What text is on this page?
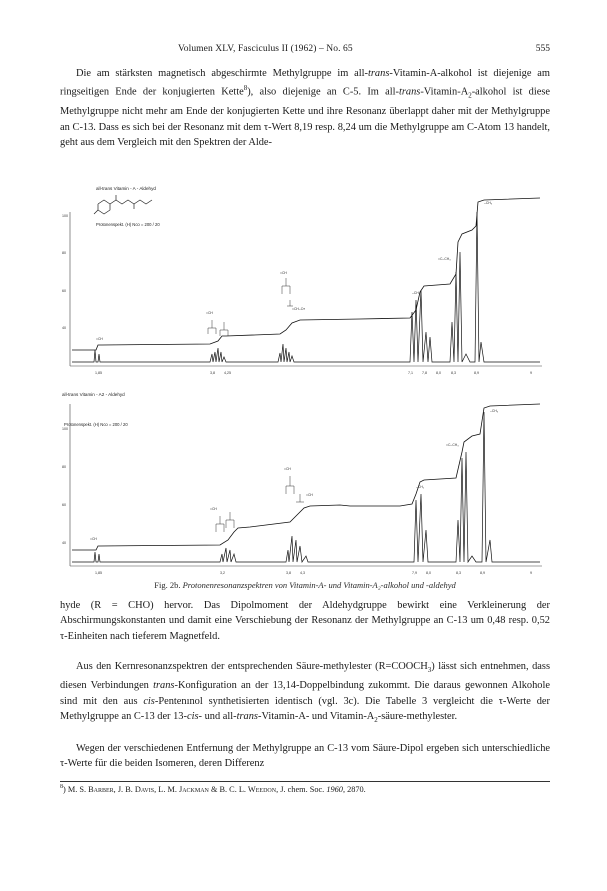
Volumen XLV, Fasciculus II (1962) – No. 65	555

Die am stärksten magnetisch abgeschirmte Methylgruppe im all-trans-Vitamin-A-alkohol ist diejenige am ringseitigen Ende der konjugierten Kette$^8$), also diejenige an C-5. Im all-$trans-Vitamin-A_2$-alkohol ist diese Methylgruppe nicht mehr am Ende der konjugierten Kette und ihre Resonanz überlappt daher mit der Methylgruppe an C-13. Dass es sich bei der Resonanz mit dem τ-Wert 8,19 resp. 8,24 um die Methylgruppe am C-Atom 13 handelt, geht aus dem Vergleich mit den Spektren der Alde-

all-trans Vitamin - A - Aldehyd
Protonenspekt. (H) Nco = 200 / 20
100
80
60
40
=CH
=CH
=CH
=CH–C≡
–CH₂
=C–CH₃
–CH₃
1,85	3,8	4,25	7,1	7,8	8,0	8,3	8,9	9
all-trans Vitamin - A2 - Aldehyd
Protonenspekt. (H) Nco = 200 / 20
100
80
60
40
=CH
=CH
=CH
=CH
–CH₂
=C–CH₃
–CH₃
1,85	3,2	3,8	4,3	7,9	8,0	8,3	8,9	9
Fig. 2b. Protonenresonanzspektren von Vitamin-A- und Vitamin-A₂-alkohol und -aldehyd

hyde (R = CHO) hervor. Das Dipolmoment der Aldehydgruppe bewirkt eine Verkleinerung der Abschirmungskonstanten und damit eine Verschiebung der Resonanz der Methylgruppe an C-13 um 0,48 resp. 0,52 τ-Einheiten nach tieferem Magnetfeld.

Aus den Kernresonanzspektren der entsprechenden Säure-methylester $(R=COOCH_3)$ lässt sich entnehmen, dass diesen Verbindungen trans-Konfiguration an der 13,14-Doppelbindung zukommt. Die daraus gewonnen Alkohole sind mit den aus cis-Pentenınol synthetisierten identisch (vgl. 3c). Die Tabelle 3 vergleicht die τ-Werte der Methylgruppe an C-13 der 13-cis- und all-trans-Vitamin-A- und Vitamin-$A_2-säure$-methylester.

Wegen der verschiedenen Entfernung der Methylgruppe an C-13 vom Säure-Dipol ergeben sich unterschiedliche τ-Werte für die beiden Isomeren, deren Differenz

$^8$) M. S. Barber, J. B. Davis, L. M. Jackman & B. C. L. Weedon, J. chem. Soc. 1960, 2870.
